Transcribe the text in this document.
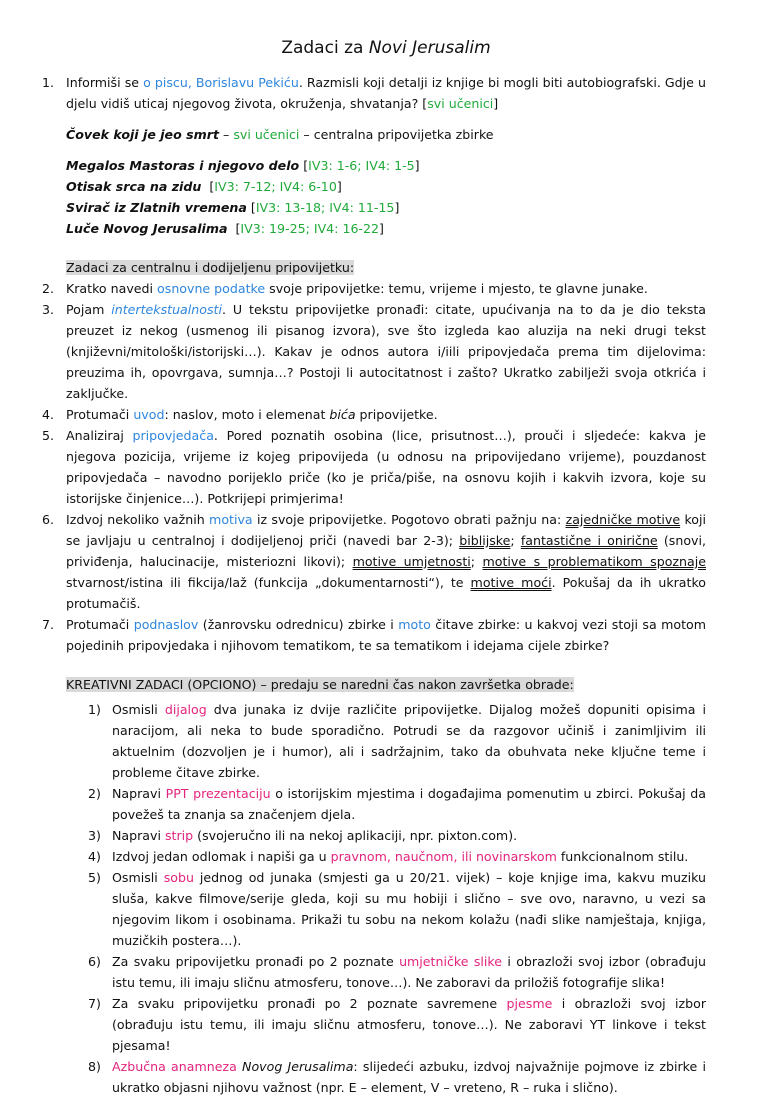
Zadaci za Novi Jerusalim
1. Informiši se o piscu, Borislavu Pekiću. Razmisli koji detalji iz knjige bi mogli biti autobiografski. Gdje u djelu vidiš uticaj njegovog života, okruženja, shvatanja? [svi učenici]
Čovek koji je jeo smrt – svi učenici – centralna pripovijetka zbirke
Megalos Mastoras i njegovo delo [IV3: 1-6; IV4: 1-5]
Otisak srca na zidu  [IV3: 7-12; IV4: 6-10]
Svirač iz Zlatnih vremena [IV3: 13-18; IV4: 11-15]
Luče Novog Jerusalima  [IV3: 19-25; IV4: 16-22]
Zadaci za centralnu i dodijeljenu pripovijetku:
2. Kratko navedi osnovne podatke svoje pripovijetke: temu, vrijeme i mjesto, te glavne junake.
3. Pojam intertekstualnosti. U tekstu pripovijetke pronađi: citate, upućivanja na to da je dio teksta preuzet iz nekog (usmenog ili pisanog izvora), sve što izgleda kao aluzija na neki drugi tekst (književni/mitološki/istorijski…). Kakav je odnos autora i/iili pripovjedača prema tim dijelovima: preuzima ih, opovrgava, sumnja…? Postoji li autocitatnost i zašto? Ukratko zabilježi svoja otkrića i zaključke.
4. Protumači uvod: naslov, moto i elemenat bića pripovijetke.
5. Analiziraj pripovjedača. Pored poznatih osobina (lice, prisutnost…), prouči i sljedeće: kakva je njegova pozicija, vrijeme iz kojeg pripovijeda (u odnosu na pripovijedano vrijeme), pouzdanost pripovjedača – navodno porijeklo priče (ko je priča/piše, na osnovu kojih i kakvih izvora, koje su istorijske činjenice…). Potkrijepi primjerima!
6. Izdvoj nekoliko važnih motiva iz svoje pripovijetke. Pogotovo obrati pažnju na: zajedničke motive koji se javljaju u centralnoj i dodijeljenoj priči (navedi bar 2-3); biblijske; fantastične i onirične (snovi, priviđenja, halucinacije, misteriozni likovi); motive umjetnosti; motive s problematikom spoznaje stvarnost/istina ili fikcija/laž (funkcija „dokumentarnosti“), te motive moći. Pokušaj da ih ukratko protumačiš.
7. Protumači podnaslov (žanrovsku odrednicu) zbirke i moto čitave zbirke: u kakvoj vezi stoji sa motom pojedinih pripovjedaka i njihovom tematikom, te sa tematikom i idejama cijele zbirke?
KREATIVNI ZADACI (OPCIONO) – predaju se naredni čas nakon završetka obrade:
1) Osmisli dijalog dva junaka iz dvije različite pripovijetke. Dijalog možeš dopuniti opisima i naracijom, ali neka to bude sporadično. Potrudi se da razgovor učiniš i zanimljivim ili aktuelnim (dozvoljen je i humor), ali i sadržajnim, tako da obuhvata neke ključne teme i probleme čitave zbirke.
2) Napravi PPT prezentaciju o istorijskim mjestima i događajima pomenutim u zbirci. Pokušaj da povežeš ta znanja sa značenjem djela.
3) Napravi strip (svojeručno ili na nekoj aplikaciji, npr. pixton.com).
4) Izdvoj jedan odlomak i napiši ga u pravnom, naučnom, ili novinarskom funkcionalnom stilu.
5) Osmisli sobu jednog od junaka (smjesti ga u 20/21. vijek) – koje knjige ima, kakvu muziku sluša, kakve filmove/serije gleda, koji su mu hobiji i slično – sve ovo, naravno, u vezi sa njegovim likom i osobinama. Prikaži tu sobu na nekom kolažu (nađi slike namještaja, knjiga, muzičkih postera…).
6) Za svaku pripovijetku pronađi po 2 poznate umjetničke slike i obrazloži svoj izbor (obrađuju istu temu, ili imaju sličnu atmosferu, tonove…). Ne zaboravi da priložiš fotografije slika!
7) Za svaku pripovijetku pronađi po 2 poznate savremene pjesme i obrazloži svoj izbor (obrađuju istu temu, ili imaju sličnu atmosferu, tonove…). Ne zaboravi YT linkove i tekst pjesama!
8) Azbučna anamneza Novog Jerusalima: slijedeći azbuku, izdvoj najvažnije pojmove iz zbirke i ukratko objasni njihovu važnost (npr. E – element, V – vreteno, R – ruka i slično).
